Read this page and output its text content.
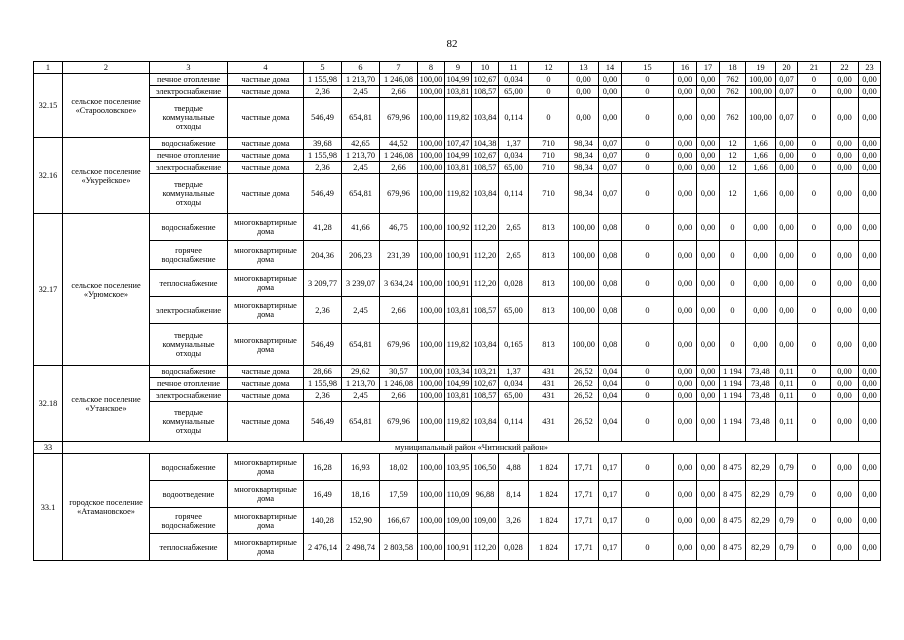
82
1	2	3	4	5	6	7	8	9	10	11	12	13	14	15	16	17	18	19	20	21	22	23
32.15	сельское поселение «Старооловское»	печное отопление	частные дома	1 155,98	1 213,70	1 246,08	100,00	104,99	102,67	0,034	0	0,00	0,00	0	0,00	0,00	762	100,00	0,07	0	0,00	0,00
		электроснабжение	частные дома	2,36	2,45	2,66	100,00	103,81	108,57	65,00	0	0,00	0,00	0	0,00	0,00	762	100,00	0,07	0	0,00	0,00
		твердые коммунальные отходы	частные дома	546,49	654,81	679,96	100,00	119,82	103,84	0,114	0	0,00	0,00	0	0,00	0,00	762	100,00	0,07	0	0,00	0,00
32.16	сельское поселение «Укурейское»	водоснабжение	частные дома	39,68	42,65	44,52	100,00	107,47	104,38	1,37	710	98,34	0,07	0	0,00	0,00	12	1,66	0,00	0	0,00	0,00
		печное отопление	частные дома	1 155,98	1 213,70	1 246,08	100,00	104,99	102,67	0,034	710	98,34	0,07	0	0,00	0,00	12	1,66	0,00	0	0,00	0,00
		электроснабжение	частные дома	2,36	2,45	2,66	100,00	103,81	108,57	65,00	710	98,34	0,07	0	0,00	0,00	12	1,66	0,00	0	0,00	0,00
		твердые коммунальные отходы	частные дома	546,49	654,81	679,96	100,00	119,82	103,84	0,114	710	98,34	0,07	0	0,00	0,00	12	1,66	0,00	0	0,00	0,00
32.17	сельское поселение «Урюмское»	водоснабжение	многоквартирные дома	41,28	41,66	46,75	100,00	100,92	112,20	2,65	813	100,00	0,08	0	0,00	0,00	0	0,00	0,00	0	0,00	0,00
		горячее водоснабжение	многоквартирные дома	204,36	206,23	231,39	100,00	100,91	112,20	2,65	813	100,00	0,08	0	0,00	0,00	0	0,00	0,00	0	0,00	0,00
		теплоснабжение	многоквартирные дома	3 209,77	3 239,07	3 634,24	100,00	100,91	112,20	0,028	813	100,00	0,08	0	0,00	0,00	0	0,00	0,00	0	0,00	0,00
		электроснабжение	многоквартирные дома	2,36	2,45	2,66	100,00	103,81	108,57	65,00	813	100,00	0,08	0	0,00	0,00	0	0,00	0,00	0	0,00	0,00
		твердые коммунальные отходы	многоквартирные дома	546,49	654,81	679,96	100,00	119,82	103,84	0,165	813	100,00	0,08	0	0,00	0,00	0	0,00	0,00	0	0,00	0,00
32.18	сельское поселение «Утанское»	водоснабжение	частные дома	28,66	29,62	30,57	100,00	103,34	103,21	1,37	431	26,52	0,04	0	0,00	0,00	1 194	73,48	0,11	0	0,00	0,00
		печное отопление	частные дома	1 155,98	1 213,70	1 246,08	100,00	104,99	102,67	0,034	431	26,52	0,04	0	0,00	0,00	1 194	73,48	0,11	0	0,00	0,00
		электроснабжение	частные дома	2,36	2,45	2,66	100,00	103,81	108,57	65,00	431	26,52	0,04	0	0,00	0,00	1 194	73,48	0,11	0	0,00	0,00
		твердые коммунальные отходы	частные дома	546,49	654,81	679,96	100,00	119,82	103,84	0,114	431	26,52	0,04	0	0,00	0,00	1 194	73,48	0,11	0	0,00	0,00
33	муниципальный район «Читинский район»																					
33.1	городское поселение «Атамановское»	водоснабжение	многоквартирные дома	16,28	16,93	18,02	100,00	103,95	106,50	4,88	1 824	17,71	0,17	0	0,00	0,00	8 475	82,29	0,79	0	0,00	0,00
		водоотведение	многоквартирные дома	16,49	18,16	17,59	100,00	110,09	96,88	8,14	1 824	17,71	0,17	0	0,00	0,00	8 475	82,29	0,79	0	0,00	0,00
		горячее водоснабжение	многоквартирные дома	140,28	152,90	166,67	100,00	109,00	109,00	3,26	1 824	17,71	0,17	0	0,00	0,00	8 475	82,29	0,79	0	0,00	0,00
		теплоснабжение	многоквартирные дома	2 476,14	2 498,74	2 803,58	100,00	100,91	112,20	0,028	1 824	17,71	0,17	0	0,00	0,00	8 475	82,29	0,79	0	0,00	0,00
